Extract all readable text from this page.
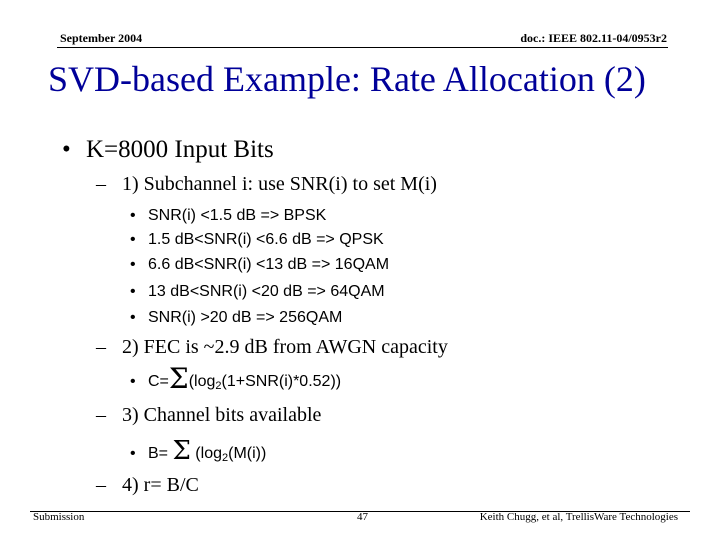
September 2004	doc.: IEEE 802.11-04/0953r2
SVD-based Example: Rate Allocation (2)
• K=8000 Input Bits
– 1) Subchannel i: use SNR(i) to set M(i)
• SNR(i) <1.5 dB => BPSK
• 1.5 dB<SNR(i) <6.6 dB => QPSK
• 6.6 dB<SNR(i) <13 dB => 16QAM
• 13 dB<SNR(i) <20 dB => 64QAM
• SNR(i) >20 dB => 256QAM
– 2) FEC is ~2.9 dB from AWGN capacity
• $C=\Sigma(\log_2(1+SNR(i)*0.52))$
– 3) Channel bits available
• B= Σ ($\log_2(M(i))$
– 4) r= B/C
Submission	47	Keith Chugg, et al, TrellisWare Technologies
